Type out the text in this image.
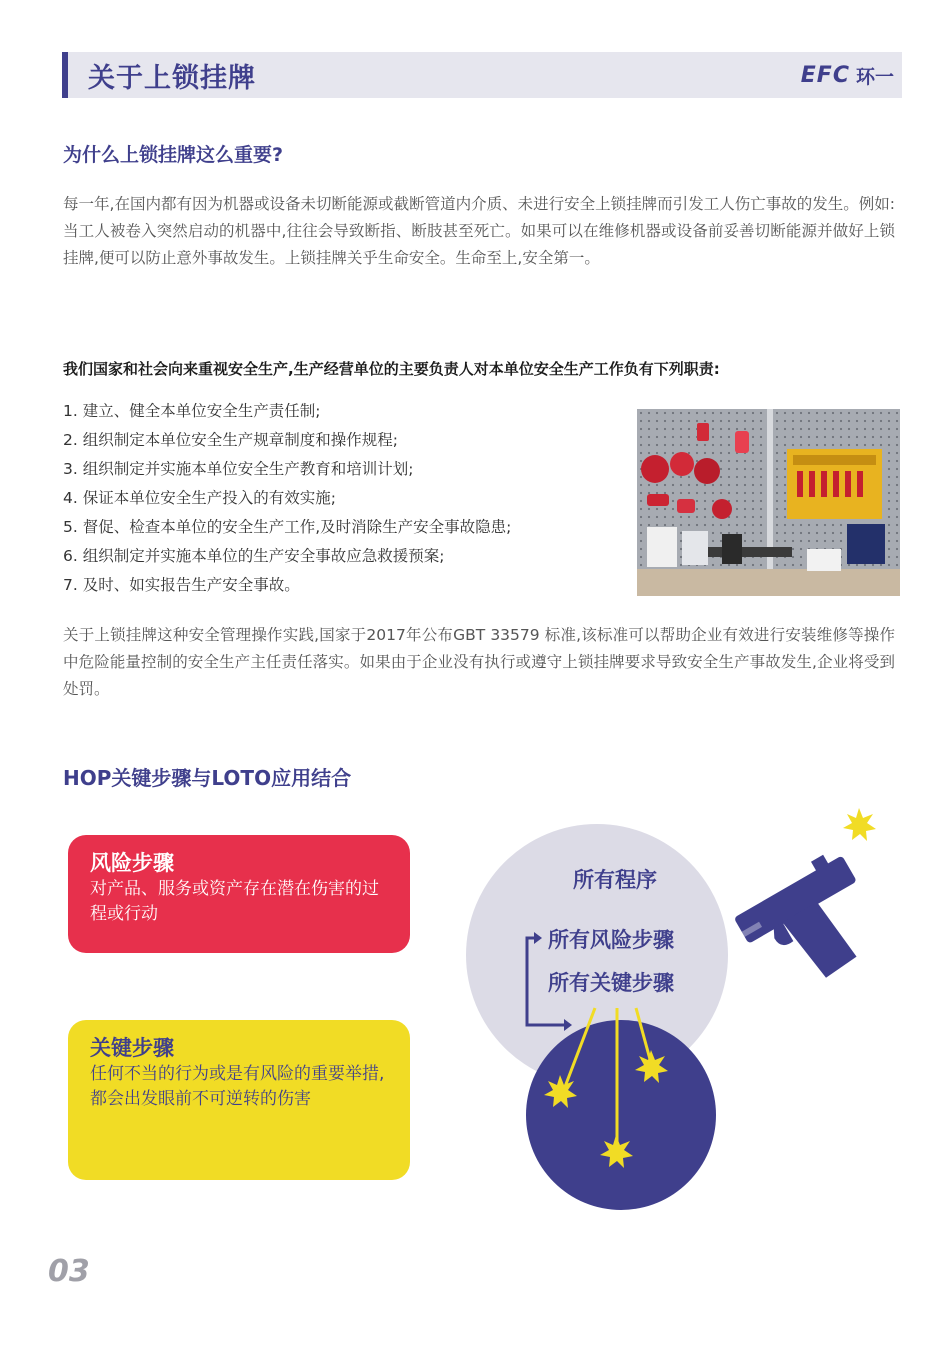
关于上锁挂牌	EFC 环一
为什么上锁挂牌这么重要?
每一年,在国内都有因为机器或设备未切断能源或截断管道内介质、未进行安全上锁挂牌而引发工人伤亡事故的发生。例如:当工人被卷入突然启动的机器中,往往会导致断指、断肢甚至死亡。如果可以在维修机器或设备前妥善切断能源并做好上锁挂牌,便可以防止意外事故发生。上锁挂牌关乎生命安全。生命至上,安全第一。
我们国家和社会向来重视安全生产,生产经营单位的主要负责人对本单位安全生产工作负有下列职责:
1. 建立、健全本单位安全生产责任制;
2. 组织制定本单位安全生产规章制度和操作规程;
3. 组织制定并实施本单位安全生产教育和培训计划;
4. 保证本单位安全生产投入的有效实施;
5. 督促、检查本单位的安全生产工作,及时消除生产安全事故隐患;
6. 组织制定并实施本单位的生产安全事故应急救援预案;
7. 及时、如实报告生产安全事故。
关于上锁挂牌这种安全管理操作实践,国家于2017年公布GBT 33579 标准,该标准可以帮助企业有效进行安装维修等操作中危险能量控制的安全生产主任责任落实。如果由于企业没有执行或遵守上锁挂牌要求导致安全生产事故发生,企业将受到处罚。
HOP关键步骤与LOTO应用结合
风险步骤
对产品、服务或资产存在潜在伤害的过程或行动
关键步骤
任何不当的行为或是有风险的重要举措,都会出发眼前不可逆转的伤害
所有程序
所有风险步骤
所有关键步骤
03
